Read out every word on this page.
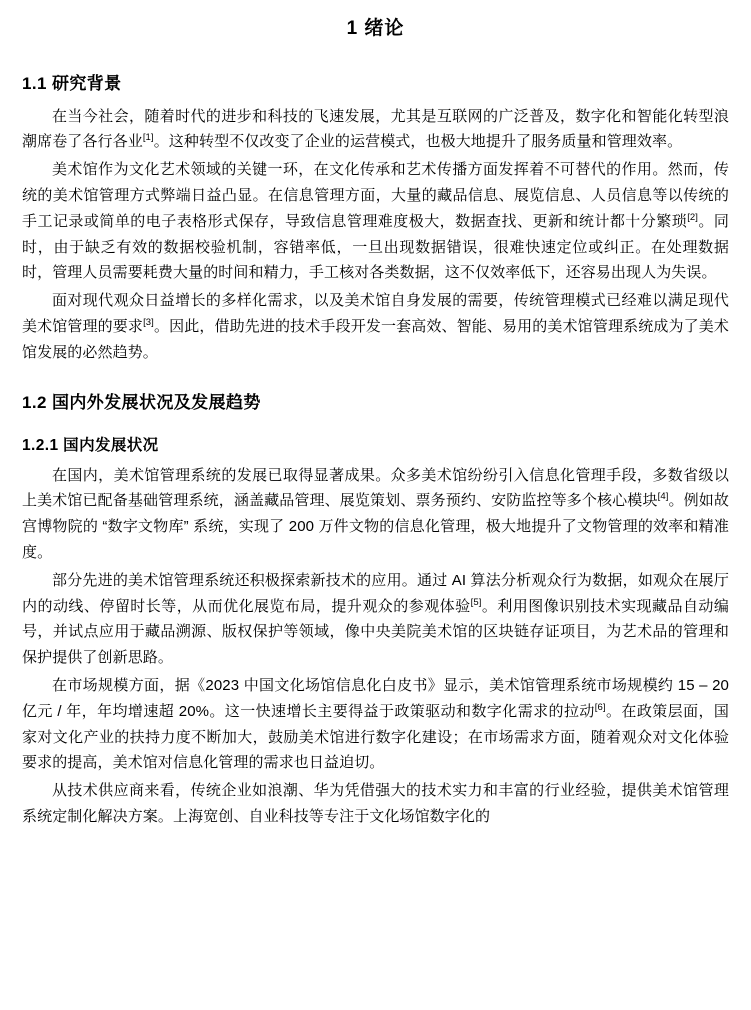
1 绪论
1.1 研究背景

在当今社会，随着时代的进步和科技的飞速发展，尤其是互联网的广泛普及，数字化和智能化转型浪潮席卷了各行各业[1]。这种转型不仅改变了企业的运营模式，也极大地提升了服务质量和管理效率。

美术馆作为文化艺术领域的关键一环，在文化传承和艺术传播方面发挥着不可替代的作用。然而，传统的美术馆管理方式弊端日益凸显。在信息管理方面，大量的藏品信息、展览信息、人员信息等以传统的手工记录或简单的电子表格形式保存，导致信息管理难度极大，数据查找、更新和统计都十分繁琐[2]。同时，由于缺乏有效的数据校验机制，容错率低，一旦出现数据错误，很难快速定位或纠正。在处理数据时，管理人员需要耗费大量的时间和精力，手工核对各类数据，这不仅效率低下，还容易出现人为失误。

面对现代观众日益增长的多样化需求，以及美术馆自身发展的需要，传统管理模式已经难以满足现代美术馆管理的要求[3]。因此，借助先进的技术手段开发一套高效、智能、易用的美术馆管理系统成为了美术馆发展的必然趋势。

1.2 国内外发展状况及发展趋势
1.2.1 国内发展状况

在国内，美术馆管理系统的发展已取得显著成果。众多美术馆纷纷引入信息化管理手段，多数省级以上美术馆已配备基础管理系统，涵盖藏品管理、展览策划、票务预约、安防监控等多个核心模块[4]。例如故宫博物院的 “数字文物库” 系统，实现了 200 万件文物的信息化管理，极大地提升了文物管理的效率和精准度。

部分先进的美术馆管理系统还积极探索新技术的应用。通过 AI 算法分析观众行为数据，如观众在展厅内的动线、停留时长等，从而优化展览布局，提升观众的参观体验[5]。利用图像识别技术实现藏品自动编号，并试点应用于藏品溯源、版权保护等领域，像中央美院美术馆的区块链存证项目，为艺术品的管理和保护提供了创新思路。

在市场规模方面，据《2023 中国文化场馆信息化白皮书》显示，美术馆管理系统市场规模约 15 – 20 亿元 / 年，年均增速超 20%。这一快速增长主要得益于政策驱动和数字化需求的拉动[6]。在政策层面，国家对文化产业的扶持力度不断加大，鼓励美术馆进行数字化建设；在市场需求方面，随着观众对文化体验要求的提高，美术馆对信息化管理的需求也日益迫切。

从技术供应商来看，传统企业如浪潮、华为凭借强大的技术实力和丰富的行业经验，提供美术馆管理系统定制化解决方案。上海宽创、自业科技等专注于文化场馆数字化的
